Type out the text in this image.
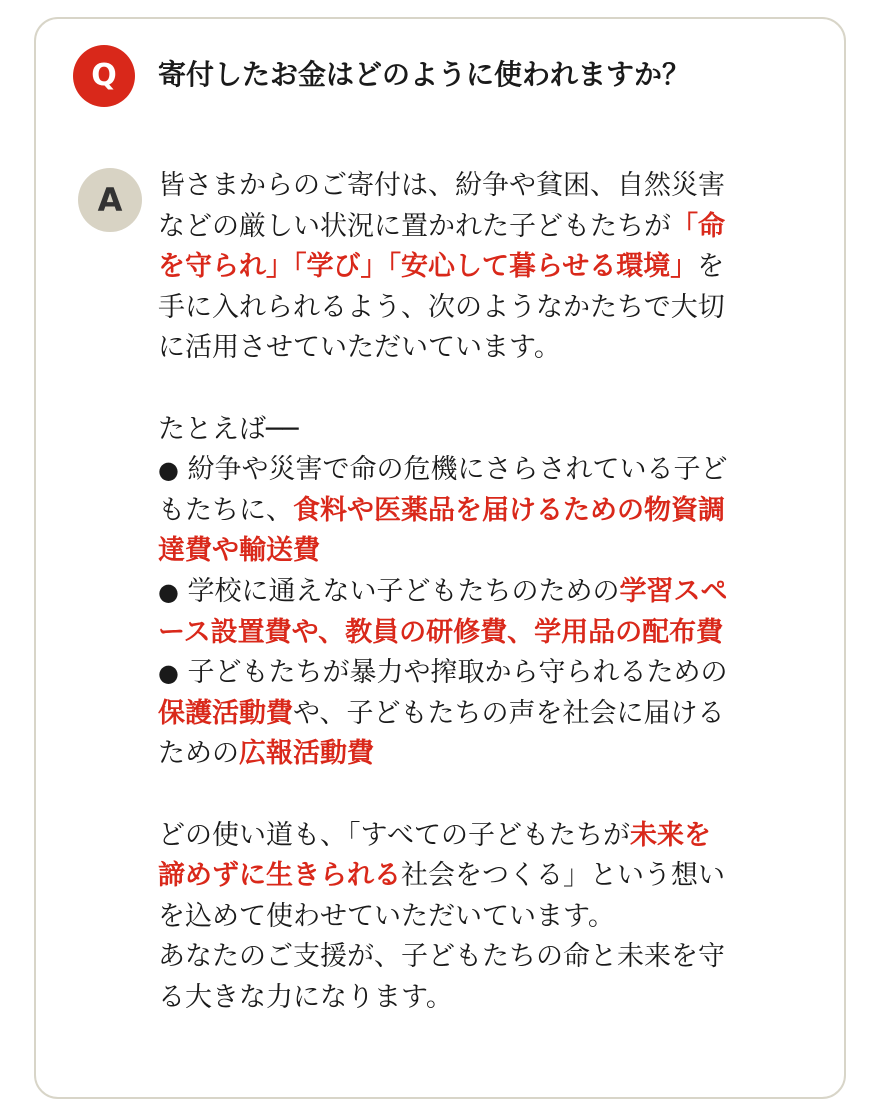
Q	寄付したお金はどのように使われますか？
A	皆さまからのご寄付は、紛争や貧困、自然災害
などの厳しい状況に置かれた子どもたちが「命
を守られ」「学び」「安心して暮らせる環境」を
手に入れられるよう、次のようなかたちで大切
に活用させていただいています。
たとえば──
● 紛争や災害で命の危機にさらされている子ど
もたちに、食料や医薬品を届けるための物資調
達費や輸送費
● 学校に通えない子どもたちのための学習スペ
ース設置費や、教員の研修費、学用品の配布費
● 子どもたちが暴力や搾取から守られるための
保護活動費や、子どもたちの声を社会に届ける
ための広報活動費
どの使い道も、「すべての子どもたちが未来を
諦めずに生きられる社会をつくる」という想い
を込めて使わせていただいています。
あなたのご支援が、子どもたちの命と未来を守
る大きな力になります。
